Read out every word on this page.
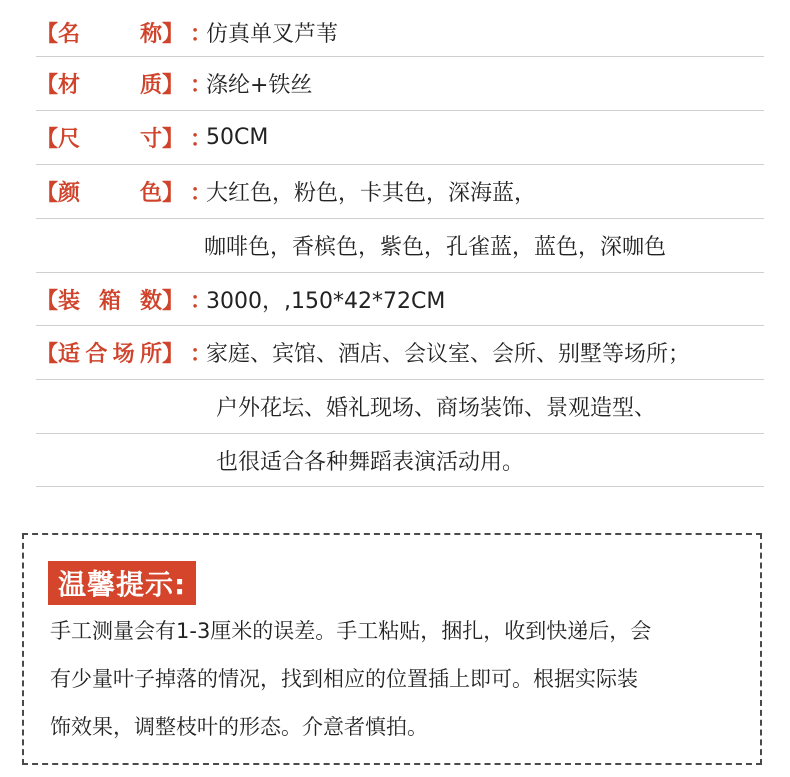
【 名称 】 ：
仿真单叉芦苇
【 材质 】 ：
涤纶+铁丝
【 尺寸 】 ：
50CM
【 颜色 】 ：
大红色，粉色，卡其色，深海蓝，
咖啡色，香槟色，紫色，孔雀蓝，蓝色，深咖色
【 装箱数 】 ：
3000，,150*42*72CM
【 适合场所 】 ：
家庭、宾馆、酒店、会议室、会所、别墅等场所；
户外花坛、婚礼现场、商场装饰、景观造型、
也很适合各种舞蹈表演活动用。
温馨提示:
手工测量会有1-3厘米的误差。手工粘贴，捆扎，收到快递后，会
有少量叶子掉落的情况，找到相应的位置插上即可。根据实际装
饰效果，调整枝叶的形态。介意者慎拍。
